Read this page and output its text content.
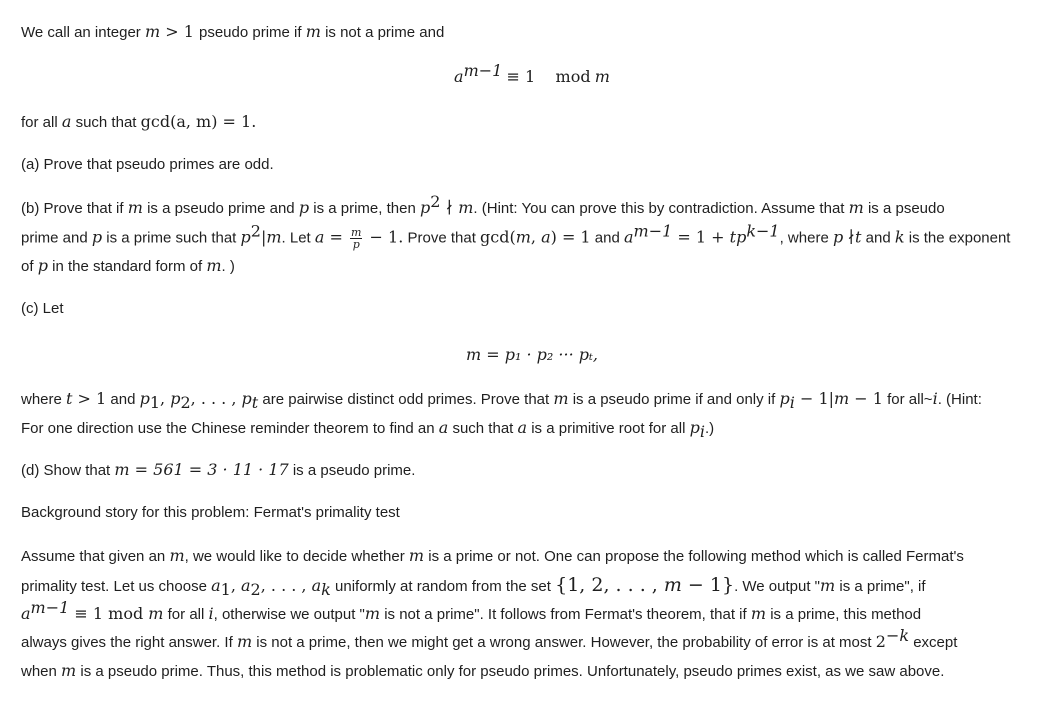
We call an integer m > 1 pseudo prime if m is not a prime and
$a^{m-1} \equiv 1$    mod m
for all a such that gcd(a, m) = 1.
(a) Prove that pseudo primes are odd.
(b) Prove that if m is a pseudo prime and p is a prime, then $p^2$ ∤ m. (Hint: You can prove this by contradiction. Assume that m is a pseudo
prime and p is a prime such that $p^2|m$. Let $a = \frac{m}{p} - 1$. Prove that gcd(m, a) = 1 and $a^{m-1} = 1 + tp^{k-1}$, where p ∤t and k is the exponent
of p in the standard form of m. )
(c) Let
m = p₁ · p₂ ··· pₜ,
where t > 1 and $p_1$, $p_2$, . . . , $p_t$ are pairwise distinct odd primes. Prove that m is a pseudo prime if and only if $p_i - 1|m - 1$ for all~i. (Hint:
For one direction use the Chinese reminder theorem to find an a such that a is a primitive root for all $p_i$.)
(d) Show that m = 561 = 3 · 11 · 17 is a pseudo prime.
Background story for this problem: Fermat's primality test
Assume that given an m, we would like to decide whether m is a prime or not. One can propose the following method which is called Fermat's
primality test. Let us choose $a_1$, $a_2$, . . . , $a_k$ uniformly at random from the set {1, 2, . . . , m − 1}. We output "m is a prime", if
$a^{m-1} \equiv 1$ mod m for all i, otherwise we output "m is not a prime". It follows from Fermat's theorem, that if m is a prime, this method
always gives the right answer. If m is not a prime, then we might get a wrong answer. However, the probability of error is at most $2^{-k}$ except
when m is a pseudo prime. Thus, this method is problematic only for pseudo primes. Unfortunately, pseudo primes exist, as we saw above.
